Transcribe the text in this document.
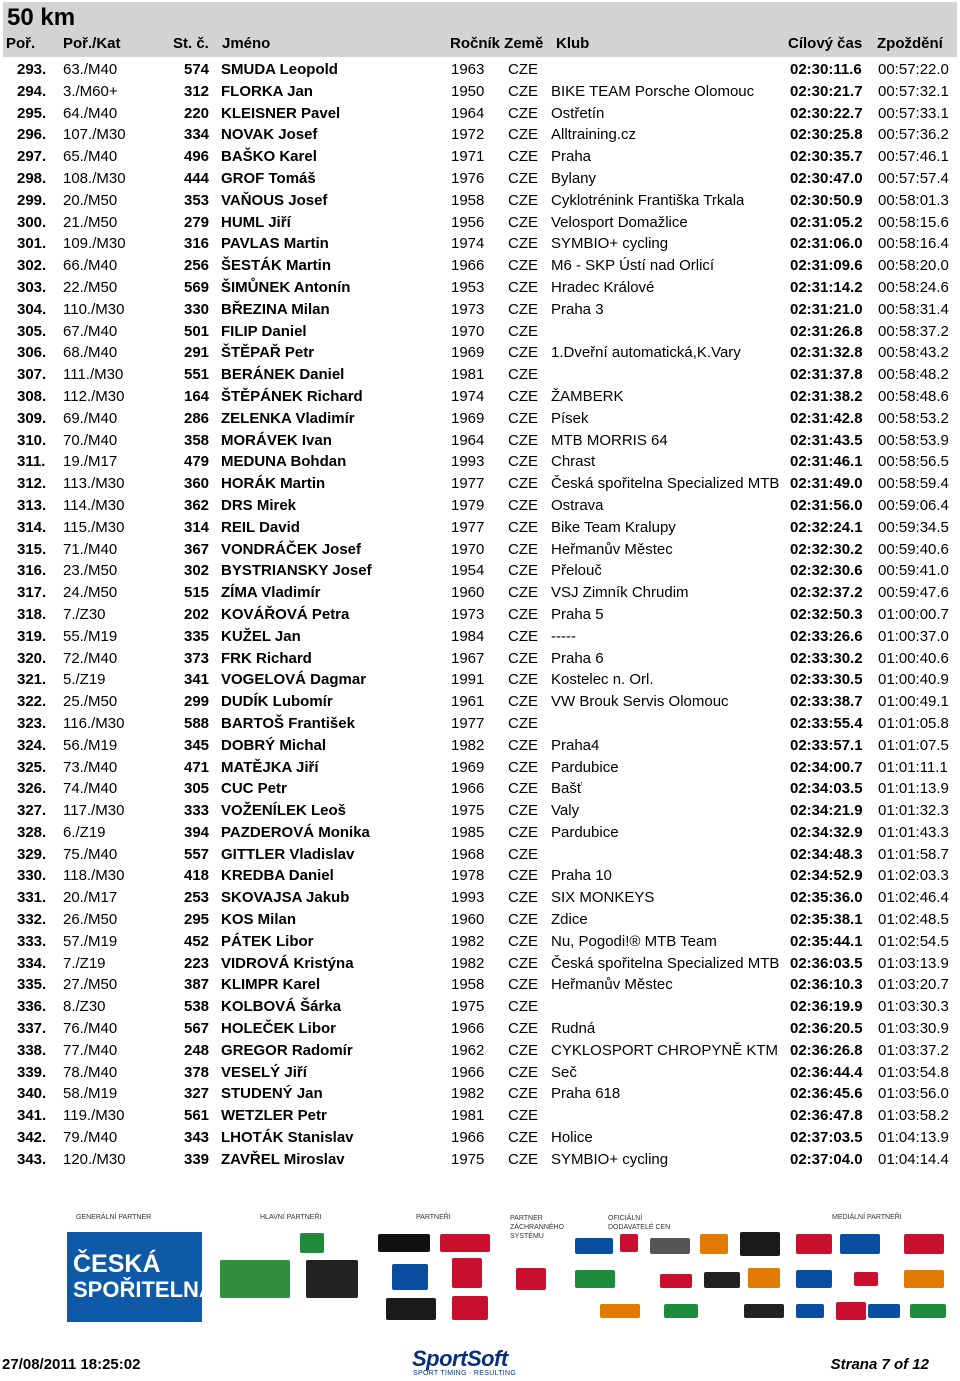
50 km
Poř. Poř./Kat	St. č. Jméno	Ročník Země Klub	Cílový čas Zpoždění
293. 63./M40	574 SMUDA Leopold	1963 CZE	02:30:11.6 00:57:22.0
294. 3./M60+	312 FLORKA Jan	1950 CZE BIKE TEAM Porsche Olomouc 02:30:21.7 00:57:32.1
295. 64./M40	220 KLEISNER Pavel	1964 CZE Ostřetín	02:30:22.7 00:57:33.1
296. 107./M30	334 NOVAK Josef	1972 CZE Alltraining.cz	02:30:25.8 00:57:36.2
297. 65./M40	496 BAŠKO Karel	1971 CZE Praha	02:30:35.7 00:57:46.1
298. 108./M30	444 GROF Tomáš	1976 CZE Bylany	02:30:47.0 00:57:57.4
299. 20./M50	353 VAŇOUS Josef	1958 CZE Cyklotrénink Františka Trkala	02:30:50.9 00:58:01.3
300. 21./M50	279 HUML Jiří	1956 CZE Velosport Domažlice	02:31:05.2 00:58:15.6
301. 109./M30	316 PAVLAS Martin	1974 CZE SYMBIO+ cycling	02:31:06.0 00:58:16.4
302. 66./M40	256 ŠESTÁK Martin	1966 CZE M6 - SKP Ústí nad Orlicí	02:31:09.6 00:58:20.0
303. 22./M50	569 ŠIMŮNEK Antonín	1953 CZE Hradec Králové	02:31:14.2 00:58:24.6
304. 110./M30	330 BŘEZINA Milan	1973 CZE Praha 3	02:31:21.0 00:58:31.4
305. 67./M40	501 FILIP Daniel	1970 CZE	02:31:26.8 00:58:37.2
306. 68./M40	291 ŠTĚPAŘ Petr	1969 CZE 1.Dveřní automatická,K.Vary	02:31:32.8 00:58:43.2
307. 111./M30	551 BERÁNEK Daniel	1981 CZE	02:31:37.8 00:58:48.2
308. 112./M30	164 ŠTĚPÁNEK Richard	1974 CZE ŽAMBERK	02:31:38.2 00:58:48.6
309. 69./M40	286 ZELENKA Vladimír	1969 CZE Písek	02:31:42.8 00:58:53.2
310. 70./M40	358 MORÁVEK Ivan	1964 CZE MTB MORRIS 64	02:31:43.5 00:58:53.9
311. 19./M17	479 MEDUNA Bohdan	1993 CZE Chrast	02:31:46.1 00:58:56.5
312. 113./M30	360 HORÁK Martin	1977 CZE Česká spořitelna Specialized MTB 02:31:49.0 00:58:59.4
313. 114./M30	362 DRS Mirek	1979 CZE Ostrava	02:31:56.0 00:59:06.4
314. 115./M30	314 REIL David	1977 CZE Bike Team Kralupy	02:32:24.1 00:59:34.5
315. 71./M40	367 VONDRÁČEK Josef	1970 CZE Heřmanův Městec	02:32:30.2 00:59:40.6
316. 23./M50	302 BYSTRIANSKY Josef	1954 CZE Přelouč	02:32:30.6 00:59:41.0
317. 24./M50	515 ZÍMA Vladimír	1960 CZE VSJ Zimník Chrudim	02:32:37.2 00:59:47.6
318. 7./Z30	202 KOVÁŘOVÁ Petra	1973 CZE Praha 5	02:32:50.3 01:00:00.7
319. 55./M19	335 KUŽEL Jan	1984 CZE -----	02:33:26.6 01:00:37.0
320. 72./M40	373 FRK Richard	1967 CZE Praha 6	02:33:30.2 01:00:40.6
321. 5./Z19	341 VOGELOVÁ Dagmar	1991 CZE Kostelec n. Orl.	02:33:30.5 01:00:40.9
322. 25./M50	299 DUDÍK Lubomír	1961 CZE VW Brouk Servis Olomouc	02:33:38.7 01:00:49.1
323. 116./M30	588 BARTOŠ František	1977 CZE	02:33:55.4 01:01:05.8
324. 56./M19	345 DOBRÝ Michal	1982 CZE Praha4	02:33:57.1 01:01:07.5
325. 73./M40	471 MATĚJKA Jiří	1969 CZE Pardubice	02:34:00.7 01:01:11.1
326. 74./M40	305 CUC Petr	1966 CZE Bašť	02:34:03.5 01:01:13.9
327. 117./M30	333 VOŽENÍLEK Leoš	1975 CZE Valy	02:34:21.9 01:01:32.3
328. 6./Z19	394 PAZDEROVÁ Monika	1985 CZE Pardubice	02:34:32.9 01:01:43.3
329. 75./M40	557 GITTLER Vladislav	1968 CZE	02:34:48.3 01:01:58.7
330. 118./M30	418 KREDBA Daniel	1978 CZE Praha 10	02:34:52.9 01:02:03.3
331. 20./M17	253 SKOVAJSA Jakub	1993 CZE SIX MONKEYS	02:35:36.0 01:02:46.4
332. 26./M50	295 KOS Milan	1960 CZE Zdice	02:35:38.1 01:02:48.5
333. 57./M19	452 PÁTEK Libor	1982 CZE Nu, Pogodi!® MTB Team	02:35:44.1 01:02:54.5
334. 7./Z19	223 VIDROVÁ Kristýna	1982 CZE Česká spořitelna Specialized MTB 02:36:03.5 01:03:13.9
335. 27./M50	387 KLIMPR Karel	1958 CZE Heřmanův Městec	02:36:10.3 01:03:20.7
336. 8./Z30	538 KOLBOVÁ Šárka	1975 CZE	02:36:19.9 01:03:30.3
337. 76./M40	567 HOLEČEK Libor	1966 CZE Rudná	02:36:20.5 01:03:30.9
338. 77./M40	248 GREGOR Radomír	1962 CZE CYKLOSPORT CHROPYNĚ KTM 02:36:26.8 01:03:37.2
339. 78./M40	378 VESELÝ Jiří	1966 CZE Seč	02:36:44.4 01:03:54.8
340. 58./M19	327 STUDENÝ Jan	1982 CZE Praha 618	02:36:45.6 01:03:56.0
341. 119./M30	561 WETZLER Petr	1981 CZE	02:36:47.8 01:03:58.2
342. 79./M40	343 LHOTÁK Stanislav	1966 CZE Holice	02:37:03.5 01:04:13.9
343. 120./M30	339 ZAVŘEL Miroslav	1975 CZE SYMBIO+ cycling	02:37:04.0 01:04:14.4
GENERÁLNÍ PARTNER
ČESKÁ
SPOŘITELNA
HLAVNÍ PARTNEŘI	PARTNEŘI	PARTNER
ZÁCHRANNÉHO
SYSTÉMU
OFICIÁLNÍ
DODAVATELÉ CEN
MEDIÁLNÍ PARTNEŘI
27/08/2011 18:25:02	SportSoft
SPORT TIMING · RESULTING
Strana 7 of 12
